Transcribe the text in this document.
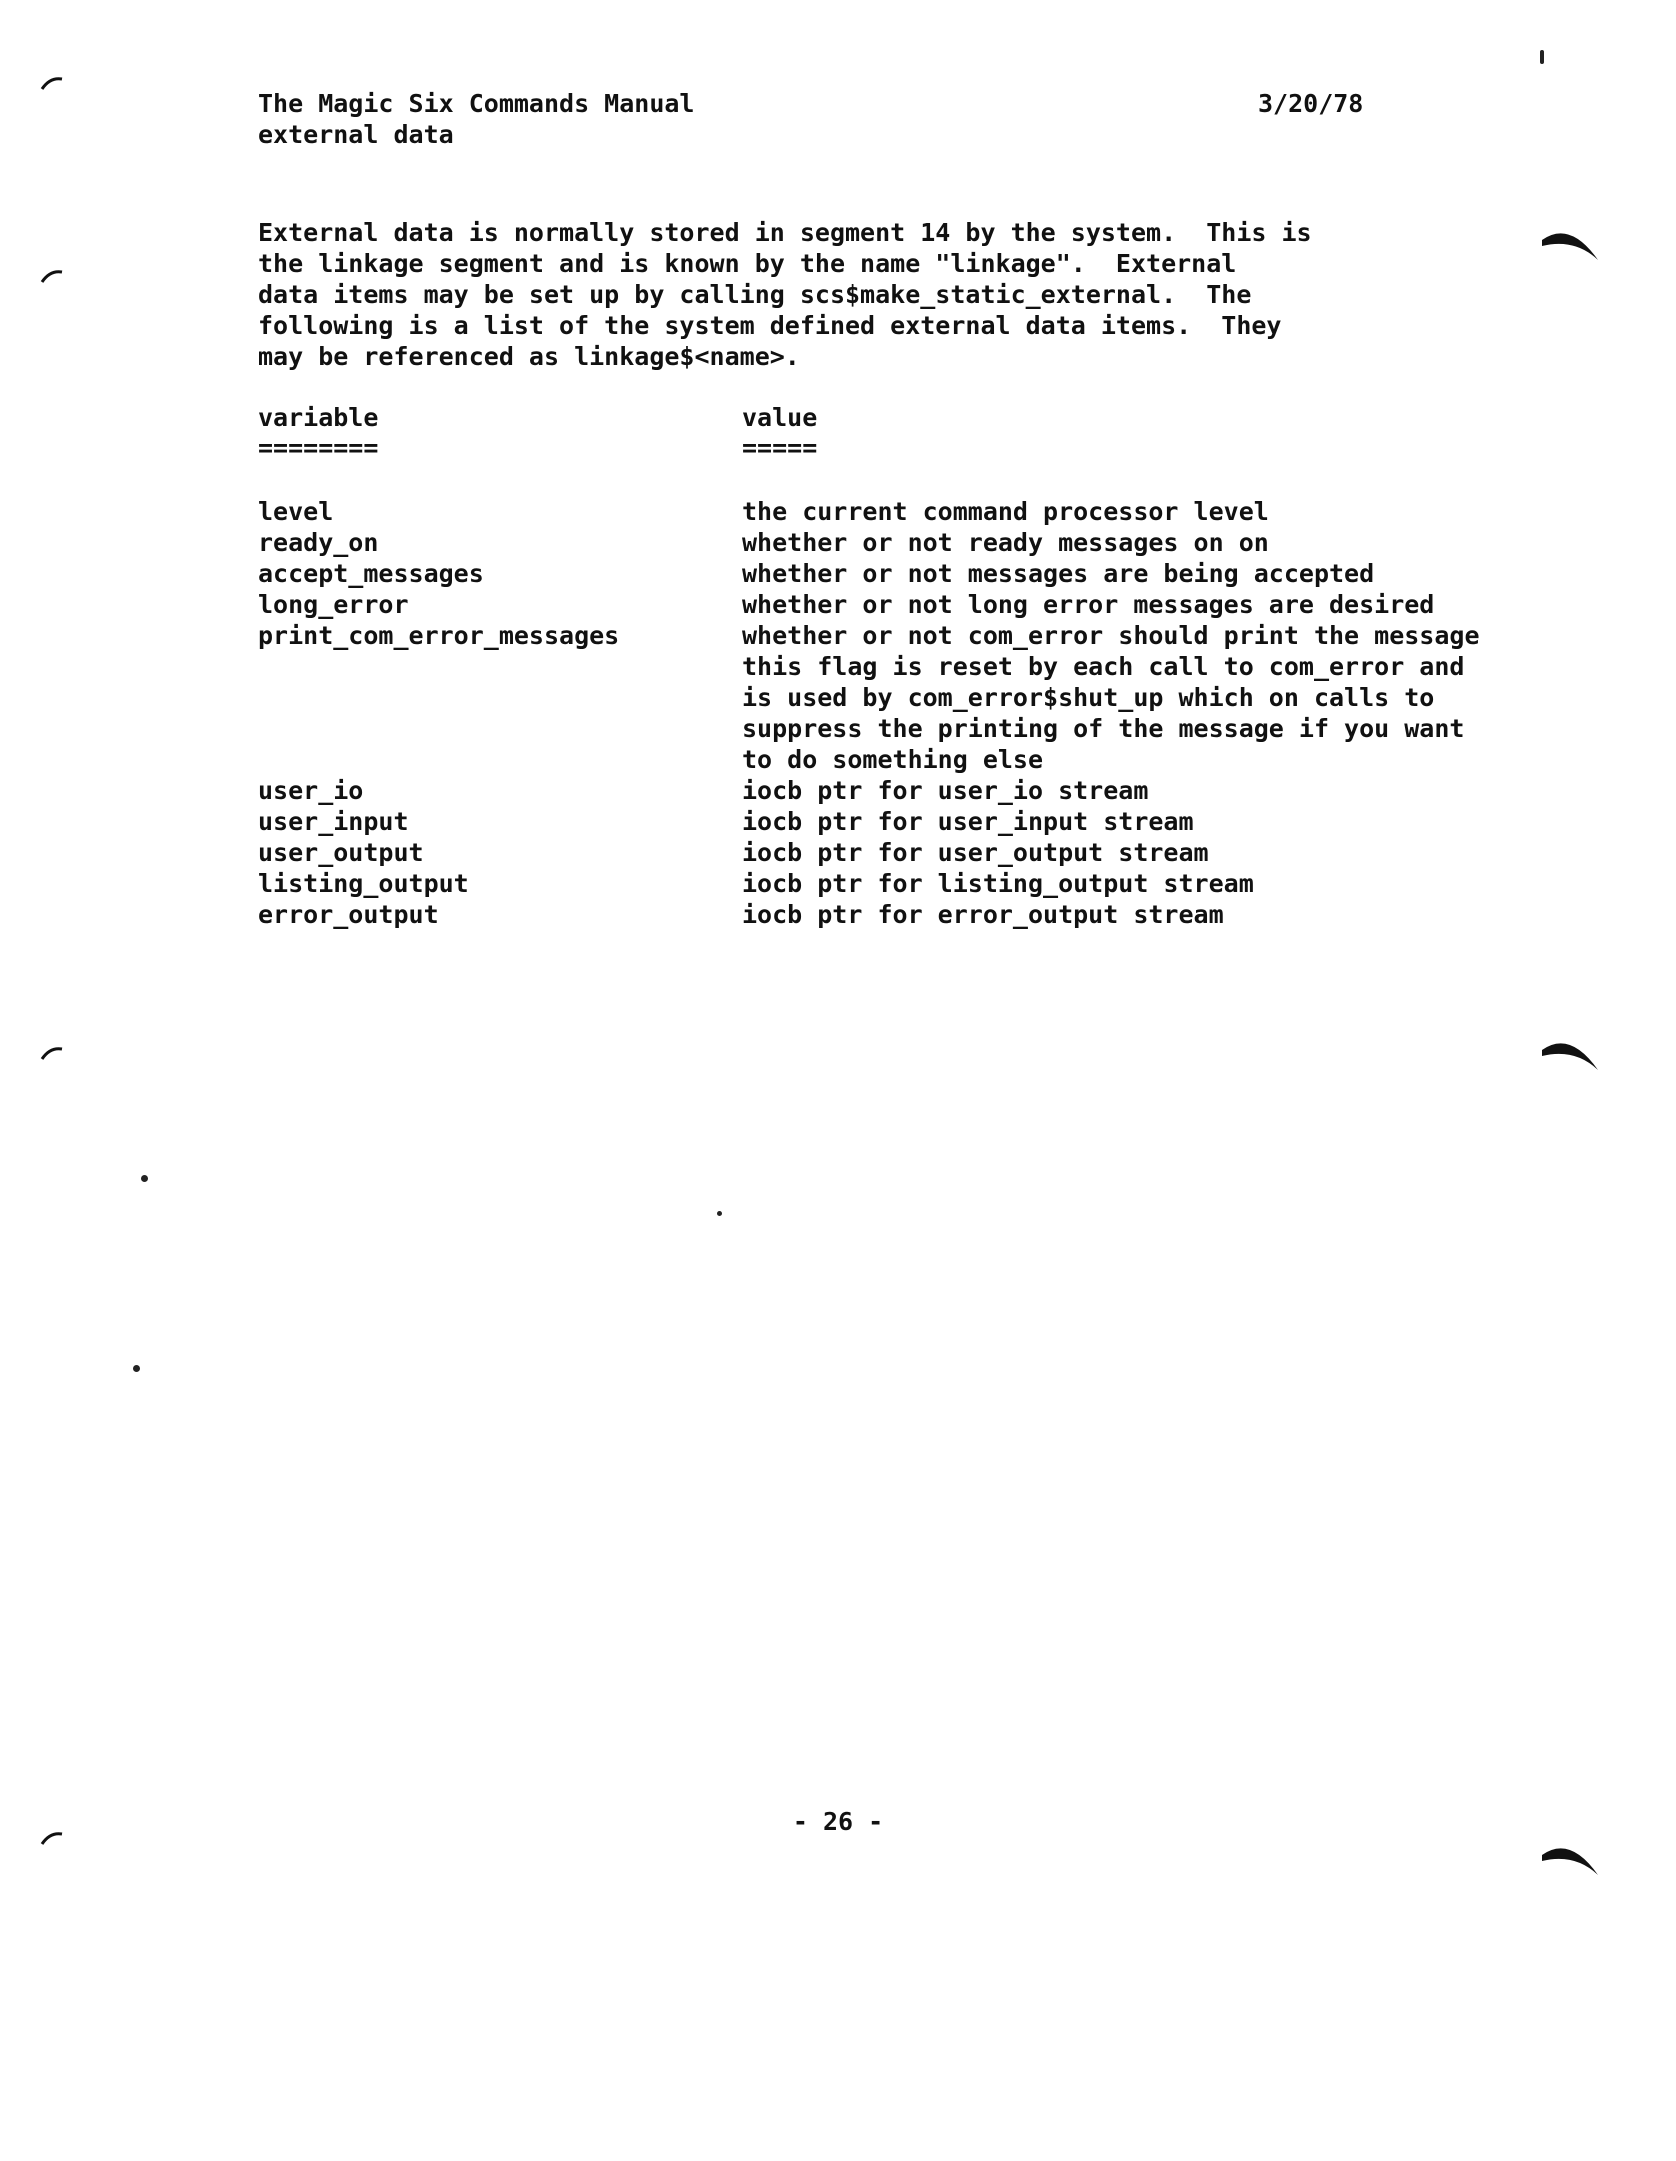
The Magic Six Commands Manual
external data
3/20/78
External data is normally stored in segment 14 by the system.  This is
the linkage segment and is known by the name "linkage".  External
data items may be set up by calling scs$make_static_external.  The
following is a list of the system defined external data items.  They
may be referenced as linkage$<name>.
variable	value
========	=====
level	the current command processor level
ready_on	whether or not ready messages on on
accept_messages	whether or not messages are being accepted
long_error	whether or not long error messages are desired
print_com_error_messages	whether or not com_error should print the message
this flag is reset by each call to com_error and
is used by com_error$shut_up which on calls to
suppress the printing of the message if you want
to do something else
user_io	iocb ptr for user_io stream
user_input	iocb ptr for user_input stream
user_output	iocb ptr for user_output stream
listing_output	iocb ptr for listing_output stream
error_output	iocb ptr for error_output stream
- 26 -
